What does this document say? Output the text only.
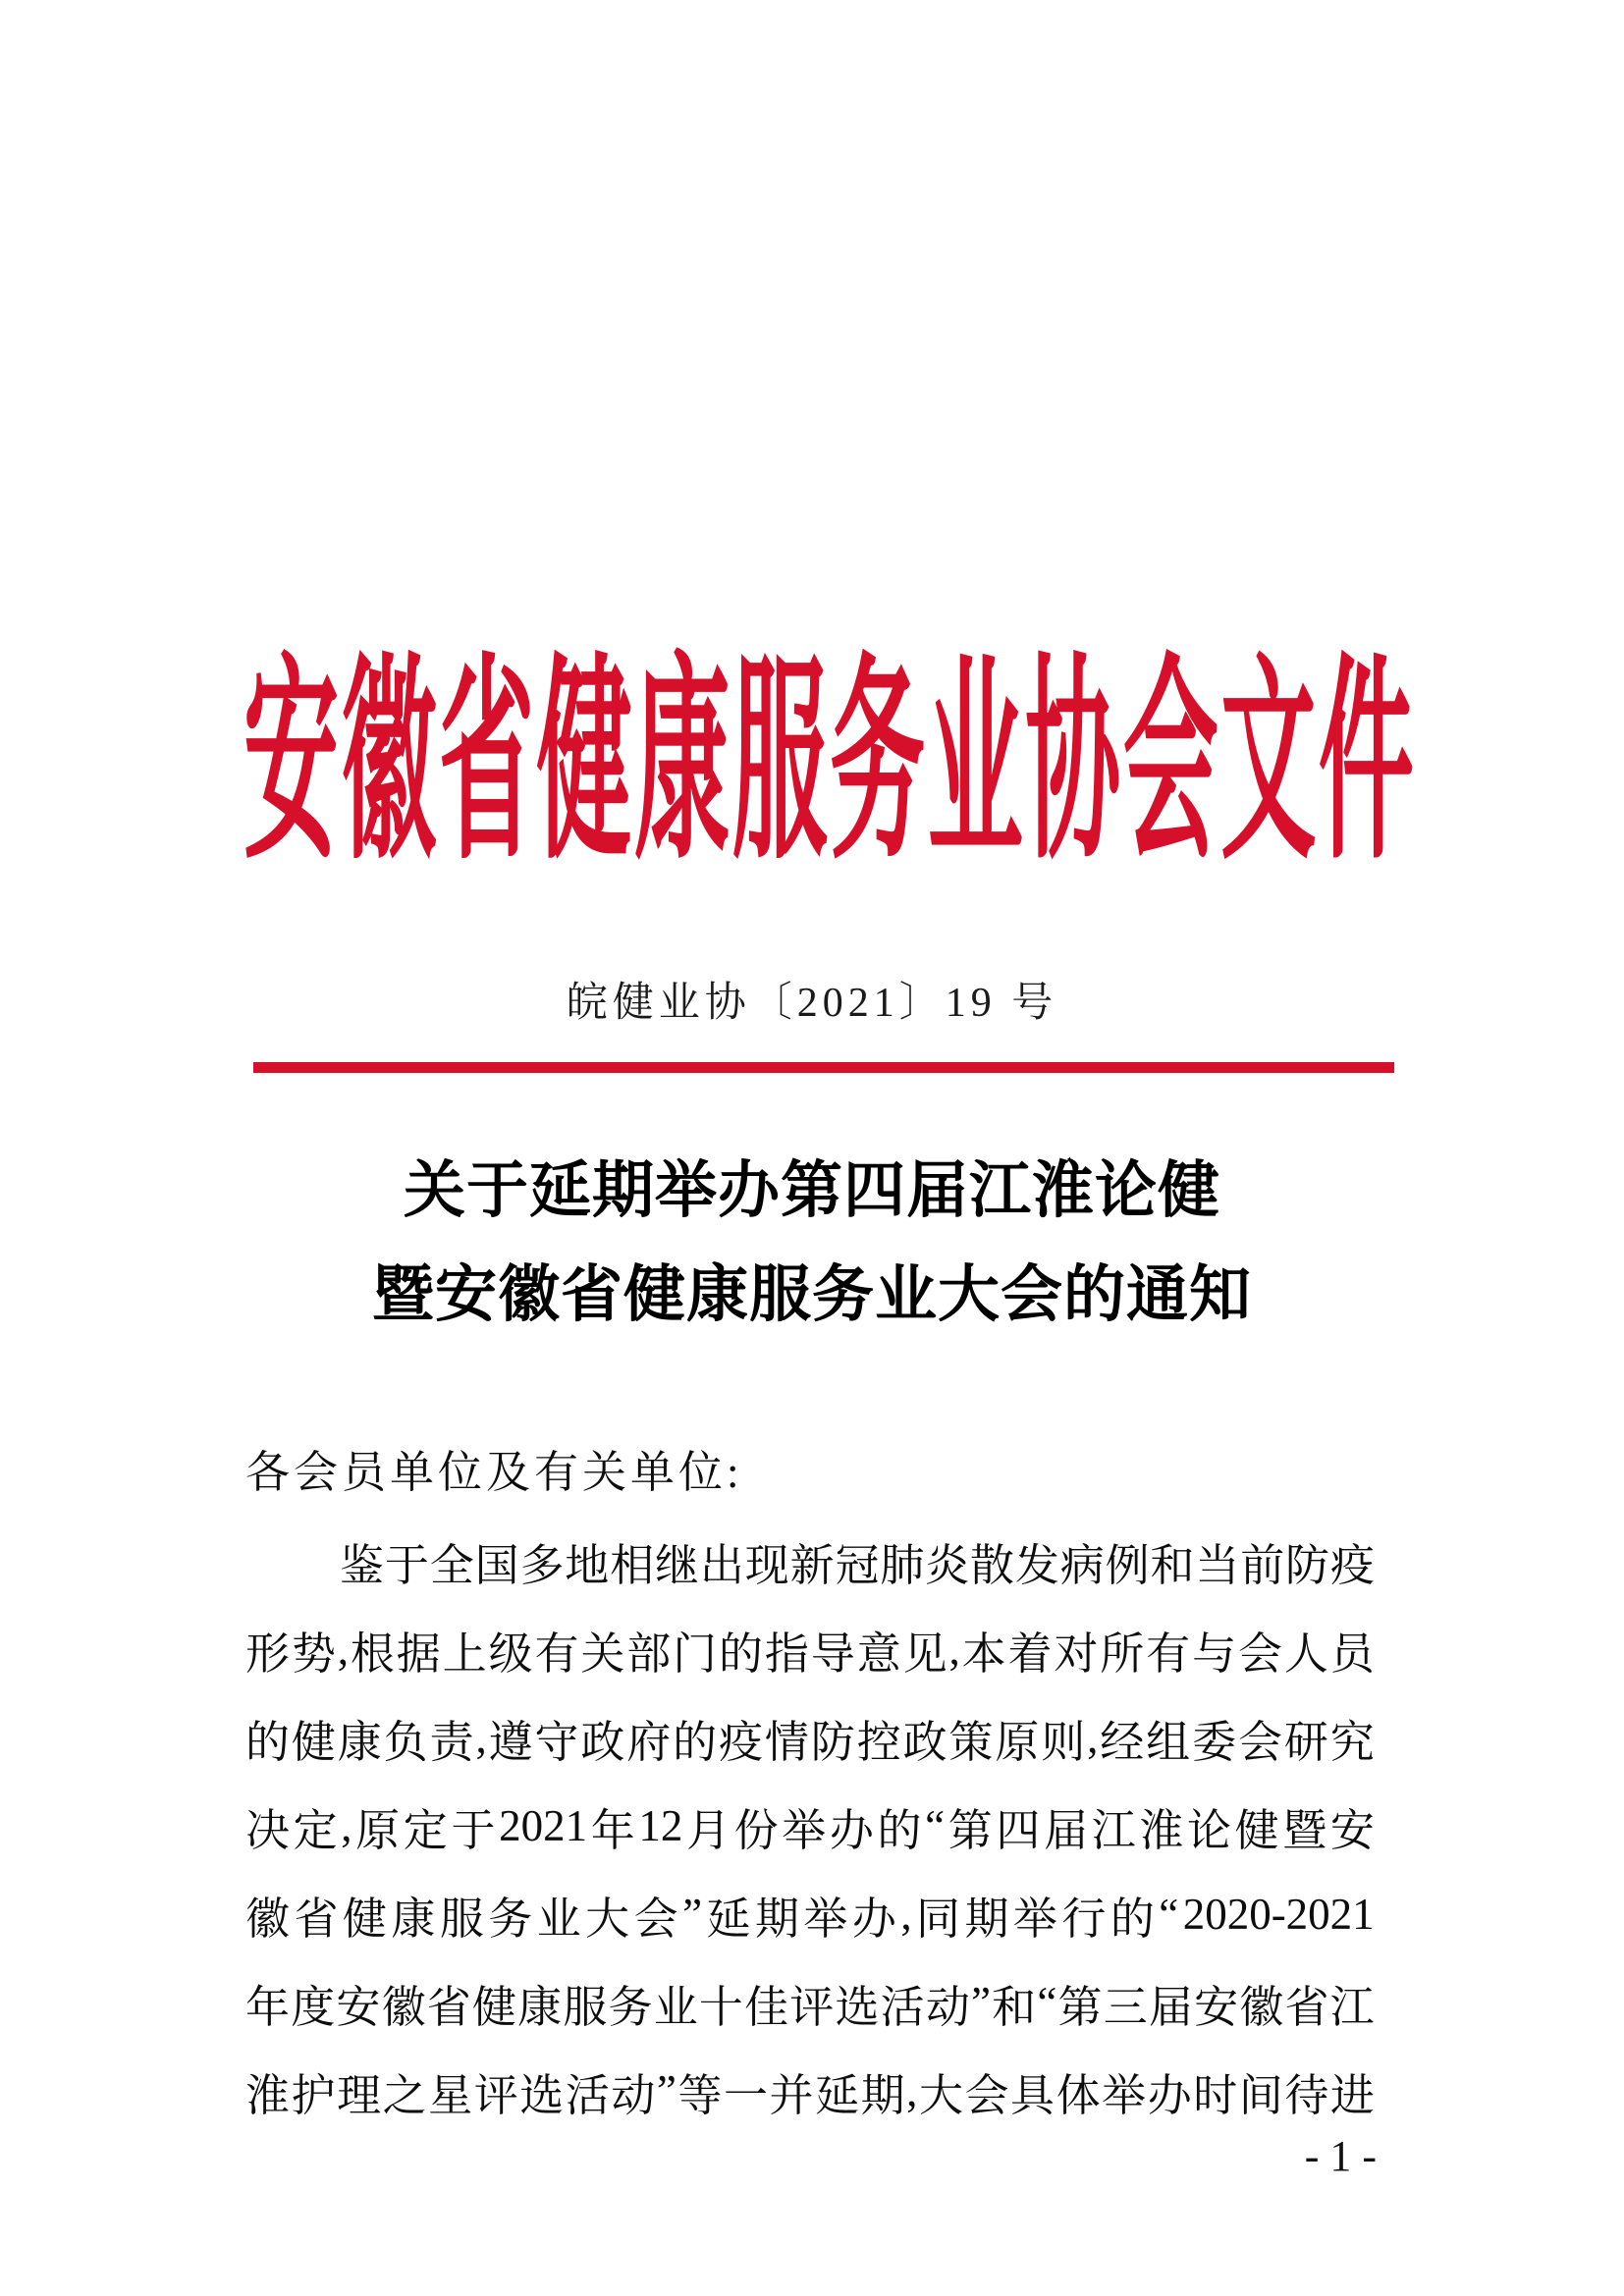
安 徽 省 健 康 服 务 业 协 会 文 件
皖健业协〔2021〕19 号
关于延期举办第四届江淮论健
暨安徽省健康服务业大会的通知
各会员单位及有关单位:
鉴 于 全 国 多 地 相 继 出 现 新 冠 肺 炎 散 发 病 例 和 当 前 防 疫
形 势 , 根 据 上 级 有 关 部 门 的 指 导 意 见 , 本 着 对 所 有 与 会 人 员
的 健 康 负 责 , 遵 守 政 府 的 疫 情 防 控 政 策 原 则 , 经 组 委 会 研 究
决 定 , 原 定 于 2021 年 12 月 份 举 办 的 “ 第 四 届 江 淮 论 健 暨 安
徽 省 健 康 服 务 业 大 会 ” 延 期 举 办 , 同 期 举 行 的 “ 2020-2021
年 度 安 徽 省 健 康 服 务 业 十 佳 评 选 活 动 ” 和 “ 第 三 届 安 徽 省 江
淮 护 理 之 星 评 选 活 动 ” 等 一 并 延 期 , 大 会 具 体 举 办 时 间 待 进
- 1 -
